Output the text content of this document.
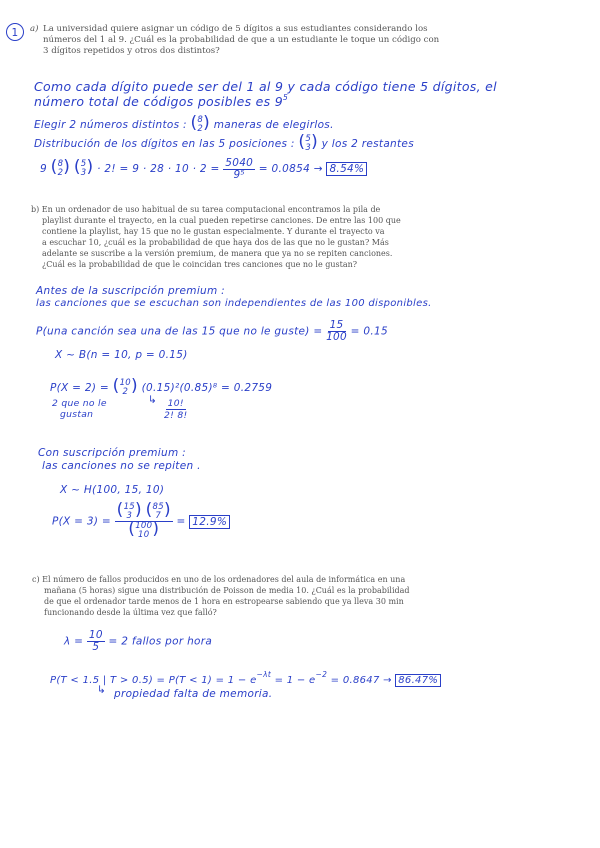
1	a) La universidad quiere asignar un código de 5 dígitos a sus estudiantes considerando los
números del 1 al 9. ¿Cuál es la probabilidad de que a un estudiante le toque un código con
3 dígitos repetidos y otros dos distintos?
Como cada dígito puede ser del 1 al 9 y cada código tiene 5 dígitos, el
número total de códigos posibles es $9^5$
Elegir 2 números distintos : ( 8
2 ) maneras de elegirlos.
Distribución de los dígitos en las 5 posiciones : ( 5
3 ) y los 2 restantes
9 ( 8
2 ) ( 5
3 ) · 2! = $9 \cdot 28 \cdot 10 \cdot 2 = \frac{5040}{\text{9⁵}} = 0.0854 \to 8.54\%$
b) En un ordenador de uso habitual de su tarea computacional encontramos la pila de
playlist durante el trayecto, en la cual pueden repetirse canciones. De entre las 100 que
contiene la playlist, hay 15 que no le gustan especialmente. Y durante el trayecto va
a escuchar 10, ¿cuál es la probabilidad de que haya dos de las que no le gustan? Más
adelante se suscribe a la versión premium, de manera que ya no se repiten canciones.
¿Cuál es la probabilidad de que le coincidan tres canciones que no le gustan?
Antes de la suscripción premium :
las canciones que se escuchan son independientes de las 100 disponibles.
P(una canción sea una de las 15 que no le guste) = $\frac{15}{100} = 0.15$
X ~ B(n = 10, p = 0.15)
P(X = 2) = ( 10
2 ) (0.15)²(0.85)⁸ = 0.2759
2 que no le
gustan
↳ $\frac{10!}{2! 8!}$
Con suscripción premium :
las canciones no se repiten .
X ~ H(100, 15, 10)
P(X = 3) = ( 15
3 ) ( 85
7 )
( 100
10 ) = 12.9%
c) El número de fallos producidos en uno de los ordenadores del aula de informática en una
mañana (5 horas) sigue una distribución de Poisson de media 10. ¿Cuál es la probabilidad
de que el ordenador tarde menos de 1 hora en estropearse sabiendo que ya lleva 30 min
funcionando desde la última vez que falló?
$\lambda = \frac{10}{5} = 2$ fallos por hora
P(T < 1.5 | $T > 0.5) = P(T < 1) = 1 - e^{-\lambda t} = 1 - e^{-2} = 0.8647 \to 86.47\%$
↳ propiedad falta de memoria.
